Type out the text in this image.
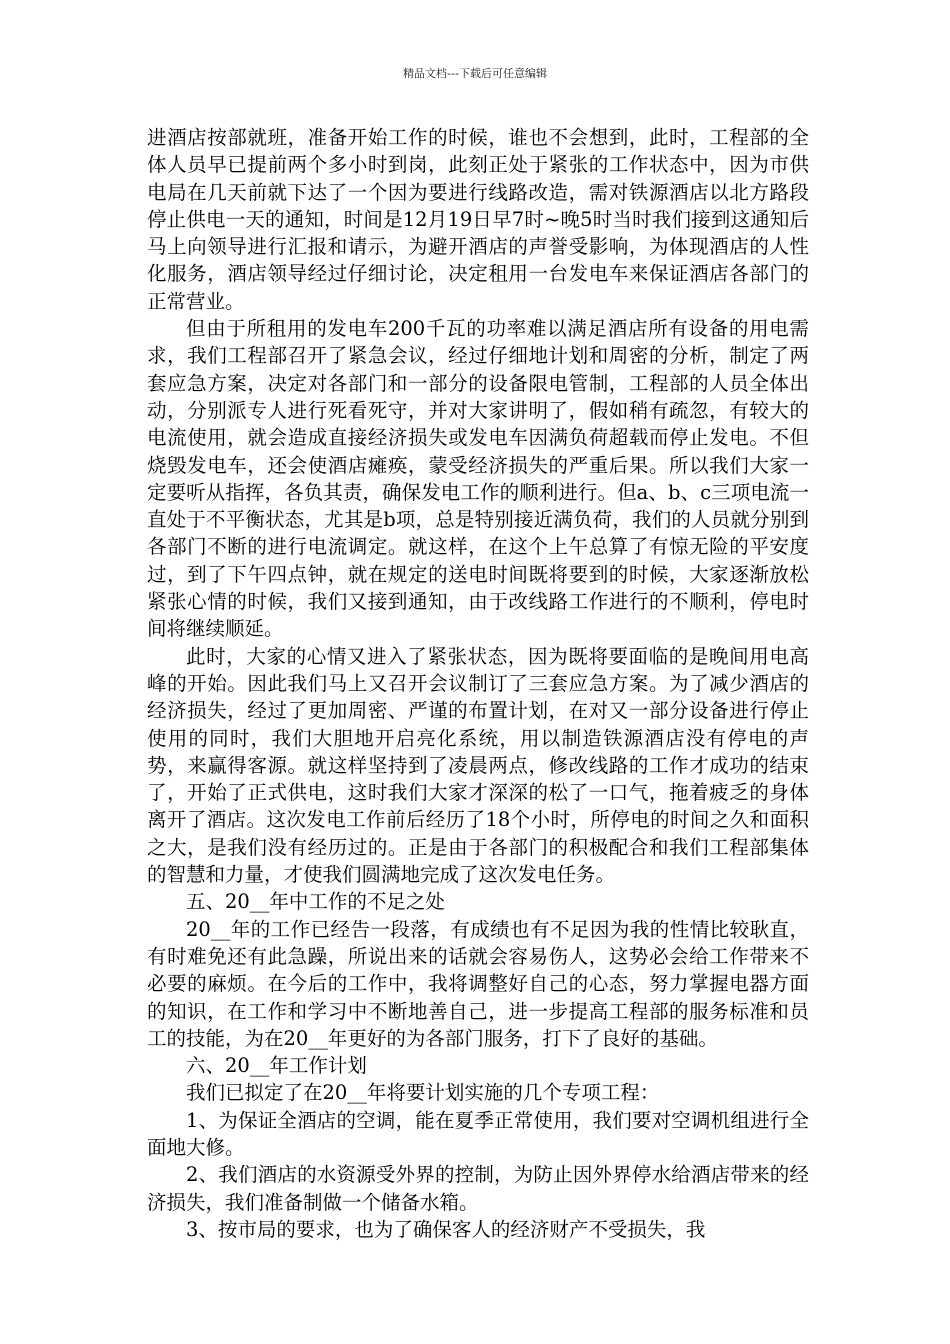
精品文档---下载后可任意编辑

进酒店按部就班，准备开始工作的时候，谁也不会想到，此时，工程部的全体人员早已提前两个多小时到岗，此刻正处于紧张的工作状态中，因为市供电局在几天前就下达了一个因为要进行线路改造，需对铁源酒店以北方路段停止供电一天的通知，时间是12月19日早7时~晚5时当时我们接到这通知后马上向领导进行汇报和请示，为避开酒店的声誉受影响，为体现酒店的人性化服务，酒店领导经过仔细讨论，决定租用一台发电车来保证酒店各部门的正常营业。

但由于所租用的发电车200千瓦的功率难以满足酒店所有设备的用电需求，我们工程部召开了紧急会议，经过仔细地计划和周密的分析，制定了两套应急方案，决定对各部门和一部分的设备限电管制，工程部的人员全体出动，分别派专人进行死看死守，并对大家讲明了，假如稍有疏忽，有较大的电流使用，就会造成直接经济损失或发电车因满负荷超载而停止发电。不但烧毁发电车，还会使酒店瘫痪，蒙受经济损失的严重后果。所以我们大家一定要听从指挥，各负其责，确保发电工作的顺利进行。但a、b、c三项电流一直处于不平衡状态，尤其是b项，总是特别接近满负荷，我们的人员就分别到各部门不断的进行电流调定。就这样，在这个上午总算了有惊无险的平安度过，到了下午四点钟，就在规定的送电时间既将要到的时候，大家逐渐放松紧张心情的时候，我们又接到通知，由于改线路工作进行的不顺利，停电时间将继续顺延。

此时，大家的心情又进入了紧张状态，因为既将要面临的是晚间用电高峰的开始。因此我们马上又召开会议制订了三套应急方案。为了减少酒店的经济损失，经过了更加周密、严谨的布置计划，在对又一部分设备进行停止使用的同时，我们大胆地开启亮化系统，用以制造铁源酒店没有停电的声势，来赢得客源。就这样坚持到了凌晨两点，修改线路的工作才成功的结束了，开始了正式供电，这时我们大家才深深的松了一口气，拖着疲乏的身体离开了酒店。这次发电工作前后经历了18个小时，所停电的时间之久和面积之大，是我们没有经历过的。正是由于各部门的积极配合和我们工程部集体的智慧和力量，才使我们圆满地完成了这次发电任务。

五、20__年中工作的不足之处

20__年的工作已经告一段落，有成绩也有不足因为我的性情比较耿直，有时难免还有此急躁，所说出来的话就会容易伤人，这势必会给工作带来不必要的麻烦。在今后的工作中，我将调整好自己的心态，努力掌握电器方面的知识，在工作和学习中不断地善自己，进一步提高工程部的服务标准和员工的技能，为在20__年更好的为各部门服务，打下了良好的基础。

六、20__年工作计划

我们已拟定了在20__年将要计划实施的几个专项工程：

1、为保证全酒店的空调，能在夏季正常使用，我们要对空调机组进行全面地大修。

2、我们酒店的水资源受外界的控制，为防止因外界停水给酒店带来的经济损失，我们准备制做一个储备水箱。

3、按市局的要求，也为了确保客人的经济财产不受损失，我
